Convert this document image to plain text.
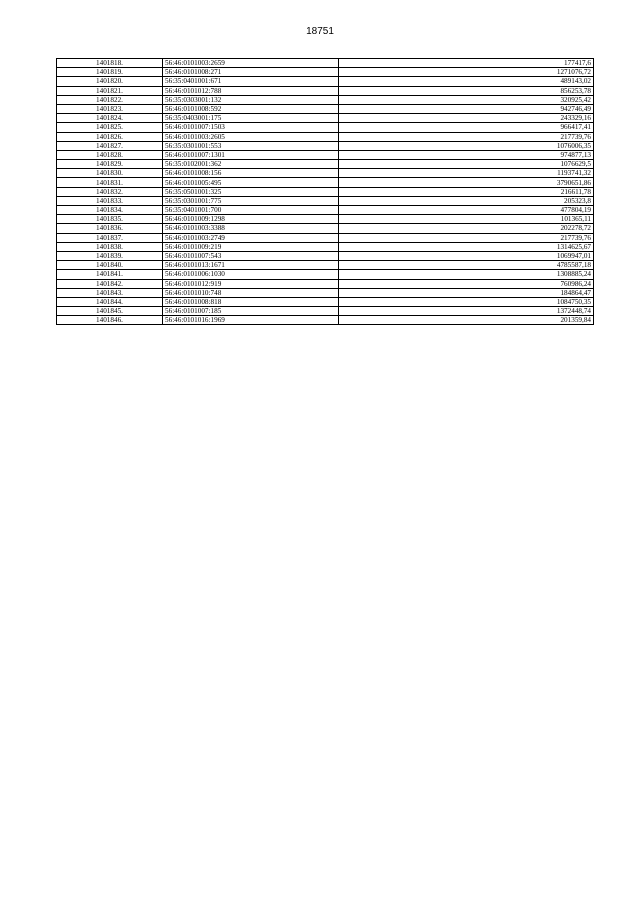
18751
1401818.	56:46:0101003:2659	177417,6
1401819.	56:46:0101008:271	1271076,72
1401820.	56:35:0401001:671	489143,02
1401821.	56:46:0101012:788	856253,78
1401822.	56:35:0303001:132	320925,42
1401823.	56:46:0101008:592	942746,49
1401824.	56:35:0403001:175	243329,16
1401825.	56:46:0101007:1503	966417,41
1401826.	56:46:0101003:2605	217739,76
1401827.	56:35:0301001:553	1076006,35
1401828.	56:46:0101007:1301	974877,13
1401829.	56:35:0102001:362	1076629,5
1401830.	56:46:0101008:156	1193741,32
1401831.	56:46:0101005:495	3790651,86
1401832.	56:35:0501001:325	216611,78
1401833.	56:35:0301001:775	205323,8
1401834.	56:35:0401001:700	477804,19
1401835.	56:46:0101009:1298	101365,11
1401836.	56:46:0101003:3388	202278,72
1401837.	56:46:0101003:2749	217739,76
1401838.	56:46:0101009:219	1314625,67
1401839.	56:46:0101007:543	1069947,01
1401840.	56:46:0101013:1671	4785587,18
1401841.	56:46:0101006:1030	1308885,24
1401842.	56:46:0101012:919	760986,24
1401843.	56:46:0101010:748	184864,47
1401844.	56:46:0101008:818	1084750,35
1401845.	56:46:0101007:185	1372448,74
1401846.	56:46:0101016:1969	201359,84
